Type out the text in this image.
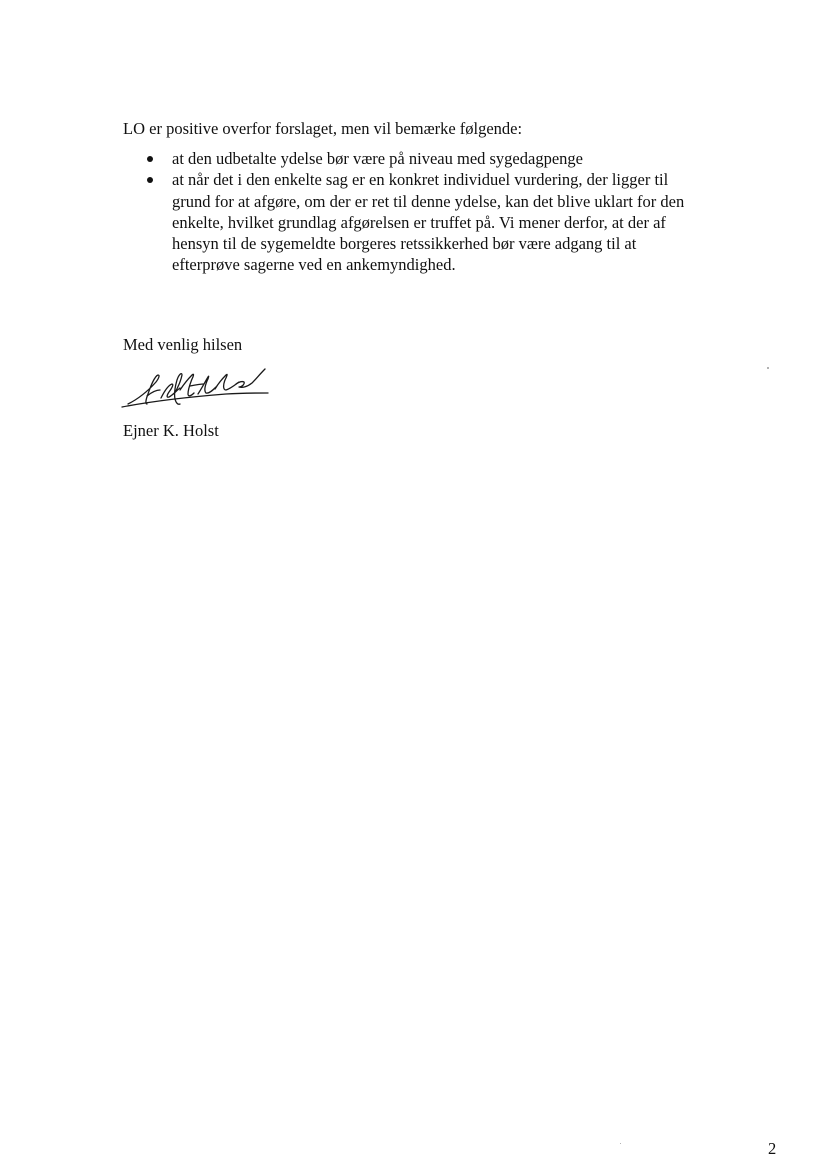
LO er positive overfor forslaget, men vil bemærke følgende:
at den udbetalte ydelse bør være på niveau med sygedagpenge
at når det i den enkelte sag er en konkret individuel vurdering, der ligger til
grund for at afgøre, om der er ret til denne ydelse, kan det blive uklart for den
enkelte, hvilket grundlag afgørelsen er truffet på. Vi mener derfor, at der af
hensyn til de sygemeldte borgeres retssikkerhed bør være adgang til at
efterprøve sagerne ved en ankemyndighed.
Med venlig hilsen
Ejner K. Holst
2
